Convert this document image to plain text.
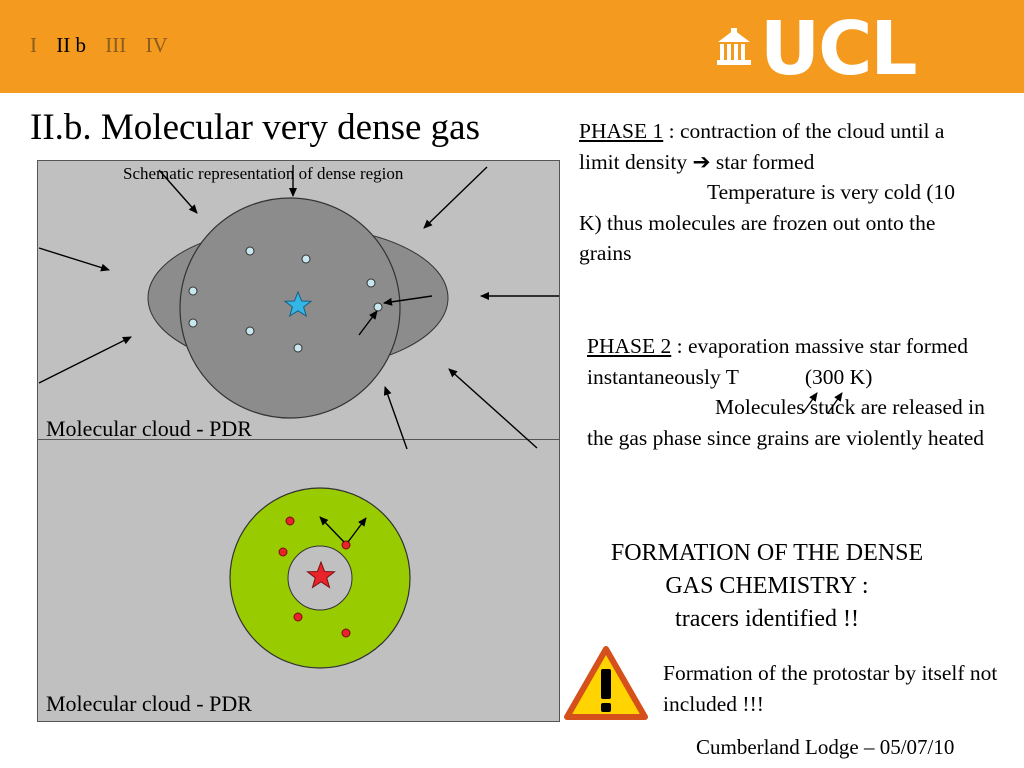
I II b III IV	UCL
II.b. Molecular very dense gas
Schematic representation of dense region
Molecular cloud - PDR
Molecular cloud - PDR
PHASE 1 : contraction of the cloud until a limit density ➔ star formed
Temperature is very cold (10 K) thus molecules are frozen out onto the grains
PHASE 2 : evaporation massive star formed instantaneously T	(300 K)
Molecules stuck are released in the gas phase since grains are violently heated
FORMATION OF THE DENSE GAS CHEMISTRY :
tracers identified !!
Formation of the protostar by itself not included !!!
Cumberland Lodge – 05/07/10
